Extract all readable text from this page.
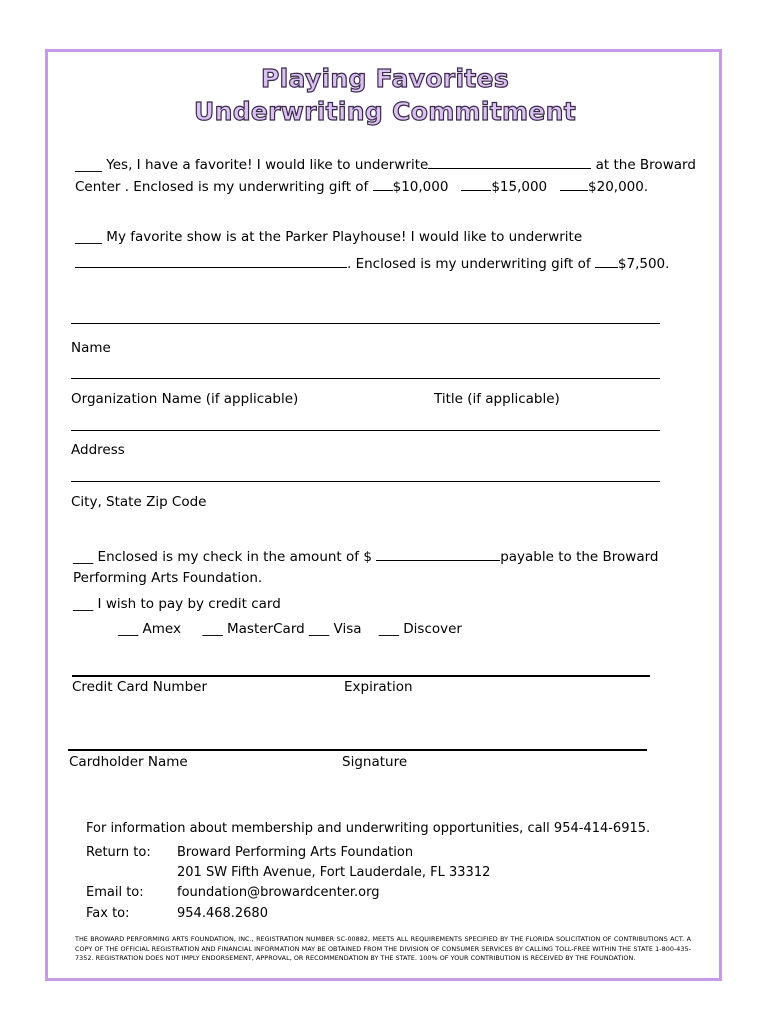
Playing Favorites
Underwriting Commitment
____ Yes, I have a favorite! I would like to underwrite	at the Broward
Center . Enclosed is my underwriting gift of $10,000	$15,000	$20,000.
____ My favorite show is at the Parker Playhouse! I would like to underwrite
. Enclosed is my underwriting gift of $7,500.
Name
Organization Name (if applicable)	Title (if applicable)
Address
City, State Zip Code
___ Enclosed is my check in the amount of $	payable to the Broward
Performing Arts Foundation.
___ I wish to pay by credit card
___ Amex ___ MasterCard ___ Visa ___ Discover
Credit Card Number	Expiration
Cardholder Name	Signature
For information about membership and underwriting opportunities, call 954-414-6915.
Return to: Broward Performing Arts Foundation
201 SW Fifth Avenue, Fort Lauderdale, FL 33312
Email to:	foundation@browardcenter.org
Fax to:	954.468.2680
THE BROWARD PERFORMING ARTS FOUNDATION, INC., REGISTRATION NUMBER SC-00882, MEETS ALL REQUIREMENTS SPECIFIED BY THE FLORIDA SOLICITATION OF CONTRIBUTIONS ACT. A COPY OF THE OFFICIAL REGISTRATION AND FINANCIAL INFORMATION MAY BE OBTAINED FROM THE DIVISION OF CONSUMER SERVICES BY CALLING TOLL-FREE WITHIN THE STATE 1-800-435-7352. REGISTRATION DOES NOT IMPLY ENDORSEMENT, APPROVAL, OR RECOMMENDATION BY THE STATE. 100% OF YOUR CONTRIBUTION IS RECEIVED BY THE FOUNDATION.
